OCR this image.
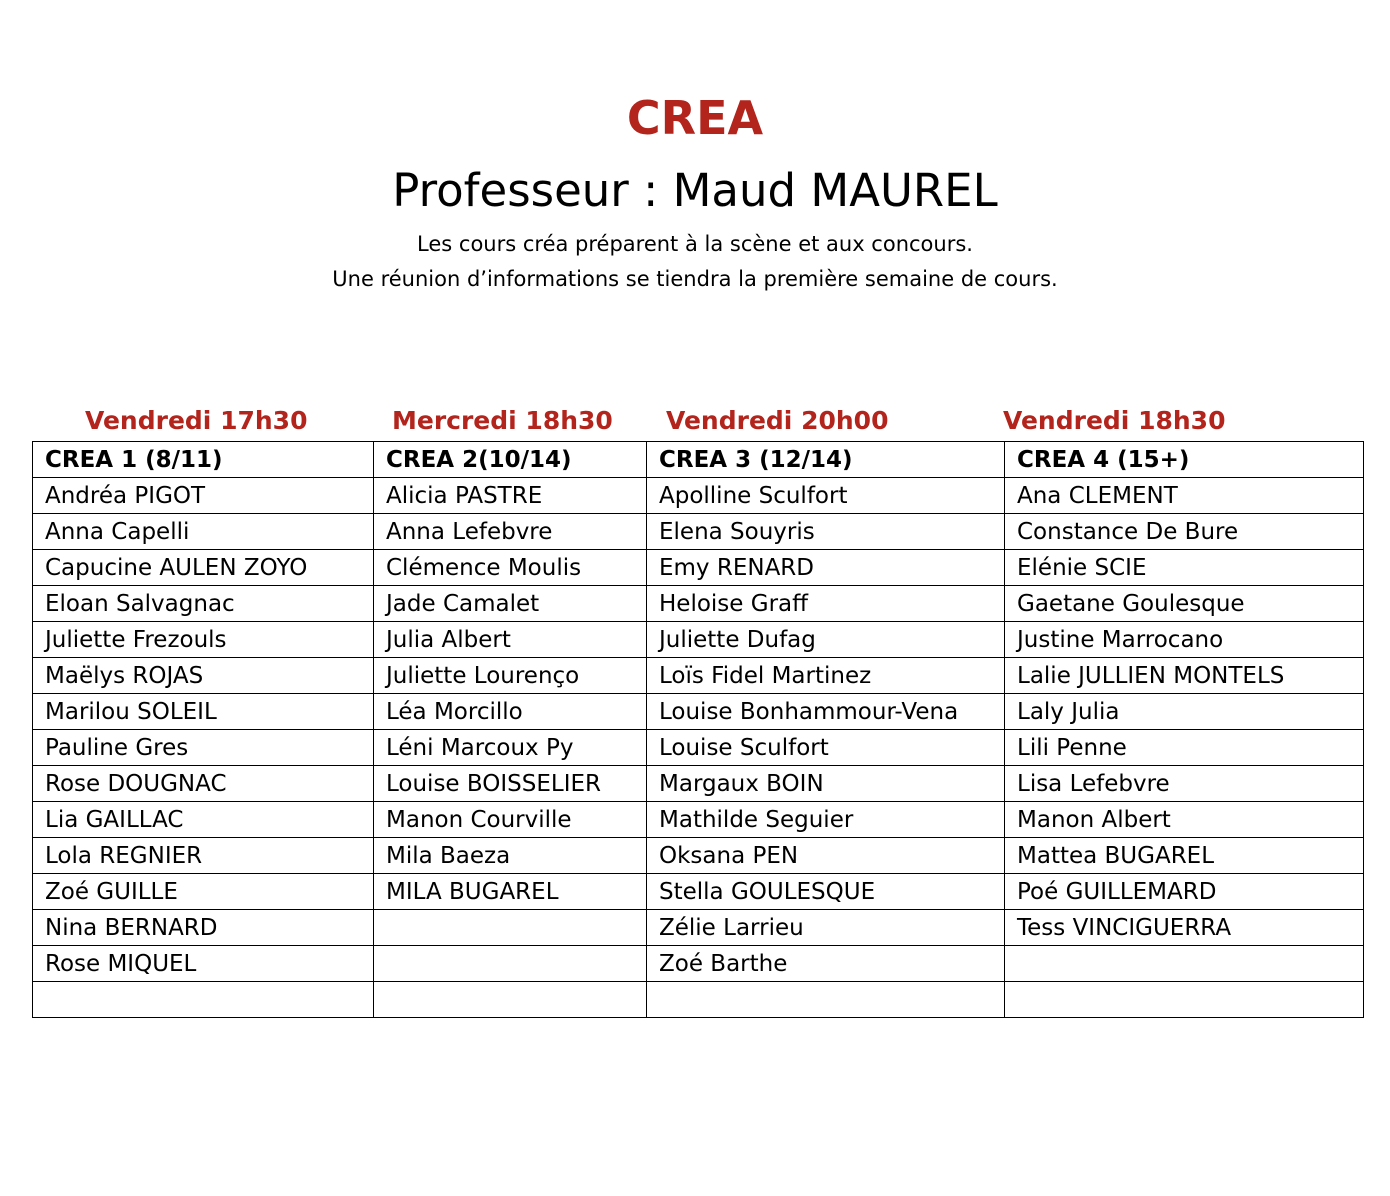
CREA
Professeur : Maud MAUREL
Les cours créa préparent à la scène et aux concours.
Une réunion d’informations se tiendra la première semaine de cours.
Vendredi 17h30	Mercredi 18h30 Vendredi 20h00	Vendredi 18h30
CREA 1 (8/11)	CREA 2(10/14)	CREA 3 (12/14)	CREA 4 (15+)
Andréa PIGOT	Alicia PASTRE	Apolline Sculfort	Ana CLEMENT
Anna Capelli	Anna Lefebvre	Elena Souyris	Constance De Bure
Capucine AULEN ZOYO	Clémence Moulis	Emy RENARD	Elénie SCIE
Eloan Salvagnac	Jade Camalet	Heloise Graff	Gaetane Goulesque
Juliette Frezouls	Julia Albert	Juliette Dufag	Justine Marrocano
Maëlys ROJAS	Juliette Lourenço	Loïs Fidel Martinez	Lalie JULLIEN MONTELS
Marilou SOLEIL	Léa Morcillo	Louise Bonhammour-Vena	Laly Julia
Pauline Gres	Léni Marcoux Py	Louise Sculfort	Lili Penne
Rose DOUGNAC	Louise BOISSELIER	Margaux BOIN	Lisa Lefebvre
Lia GAILLAC	Manon Courville	Mathilde Seguier	Manon Albert
Lola REGNIER	Mila Baeza	Oksana PEN	Mattea BUGAREL
Zoé GUILLE	MILA BUGAREL	Stella GOULESQUE	Poé GUILLEMARD
Nina BERNARD		Zélie Larrieu	Tess VINCIGUERRA
Rose MIQUEL		Zoé Barthe	
